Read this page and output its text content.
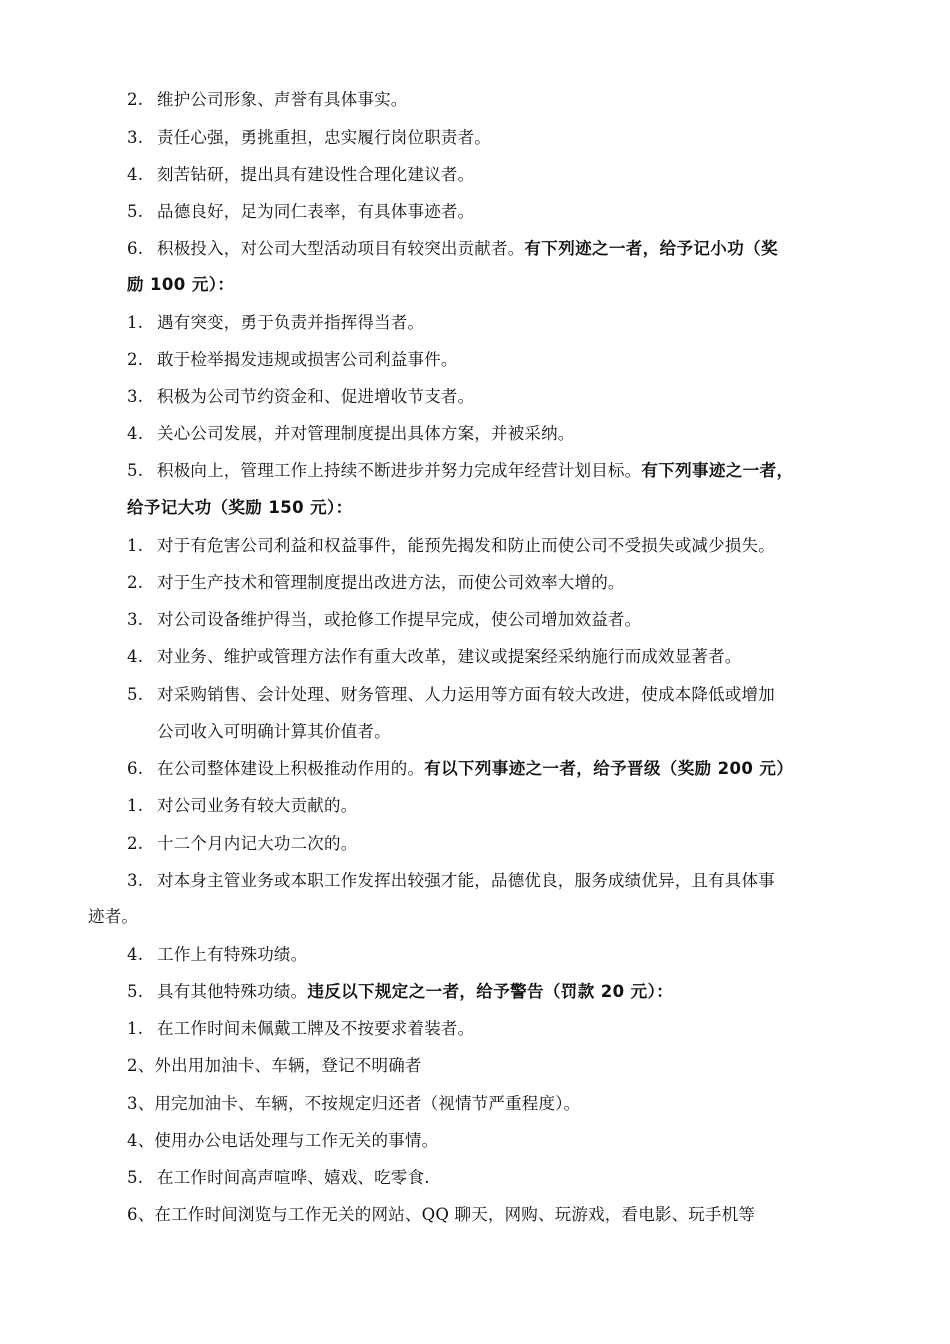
2. 维护公司形象、声誉有具体事实。
3. 责任心强，勇挑重担，忠实履行岗位职责者。
4. 刻苦钻研，提出具有建设性合理化建议者。
5. 品德良好，足为同仁表率，有具体事迹者。
6. 积极投入，对公司大型活动项目有较突出贡献者。有下列迹之一者，给予记小功（奖
励 100 元）：
1. 遇有突变，勇于负责并指挥得当者。
2. 敢于检举揭发违规或损害公司利益事件。
3. 积极为公司节约资金和、促进增收节支者。
4. 关心公司发展，并对管理制度提出具体方案，并被采纳。
5. 积极向上，管理工作上持续不断进步并努力完成年经营计划目标。有下列事迹之一者，
给予记大功（奖励 150 元）：
1. 对于有危害公司利益和权益事件，能预先揭发和防止而使公司不受损失或减少损失。
2. 对于生产技术和管理制度提出改进方法，而使公司效率大增的。
3. 对公司设备维护得当，或抢修工作提早完成，使公司增加效益者。
4. 对业务、维护或管理方法作有重大改革，建议或提案经采纳施行而成效显著者。
5. 对采购销售、会计处理、财务管理、人力运用等方面有较大改进，使成本降低或增加
公司收入可明确计算其价值者。
6. 在公司整体建设上积极推动作用的。有以下列事迹之一者，给予晋级（奖励 200 元）
1. 对公司业务有较大贡献的。
2. 十二个月内记大功二次的。
3. 对本身主管业务或本职工作发挥出较强才能，品德优良，服务成绩优异，且有具体事
迹者。
4. 工作上有特殊功绩。
5. 具有其他特殊功绩。违反以下规定之一者，给予警告（罚款 20 元）：
1. 在工作时间未佩戴工牌及不按要求着装者。
2、外出用加油卡、车辆，登记不明确者
3、用完加油卡、车辆，不按规定归还者（视情节严重程度）。
4、使用办公电话处理与工作无关的事情。
5. 在工作时间高声喧哗、嬉戏、吃零食.
6、在工作时间浏览与工作无关的网站、QQ 聊天，网购、玩游戏，看电影、玩手机等
